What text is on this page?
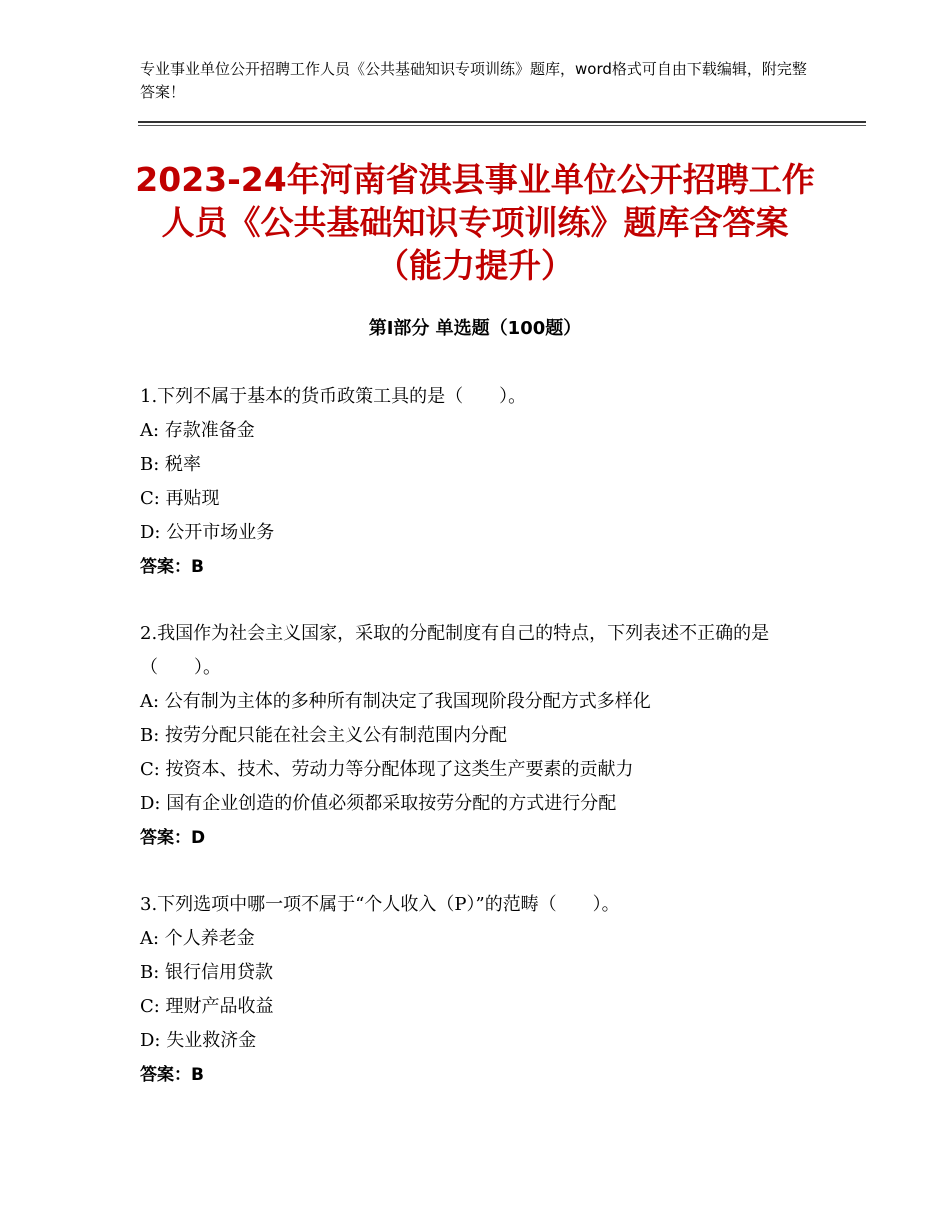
专业事业单位公开招聘工作人员《公共基础知识专项训练》题库，word格式可自由下载编辑，附完整答案！
2023-24年河南省淇县事业单位公开招聘工作人员《公共基础知识专项训练》题库含答案（能力提升）
第Ⅰ部分 单选题（100题）

1.下列不属于基本的货币政策工具的是（　　）。

A: 存款准备金

B: 税率

C: 再贴现

D: 公开市场业务

答案：B

2.我国作为社会主义国家，采取的分配制度有自己的特点，下列表述不正确的是（　　）。

A: 公有制为主体的多种所有制决定了我国现阶段分配方式多样化

B: 按劳分配只能在社会主义公有制范围内分配

C: 按资本、技术、劳动力等分配体现了这类生产要素的贡献力

D: 国有企业创造的价值必须都采取按劳分配的方式进行分配

答案：D

3.下列选项中哪一项不属于“个人收入（P）”的范畴（　　）。

A: 个人养老金

B: 银行信用贷款

C: 理财产品收益

D: 失业救济金

答案：B
